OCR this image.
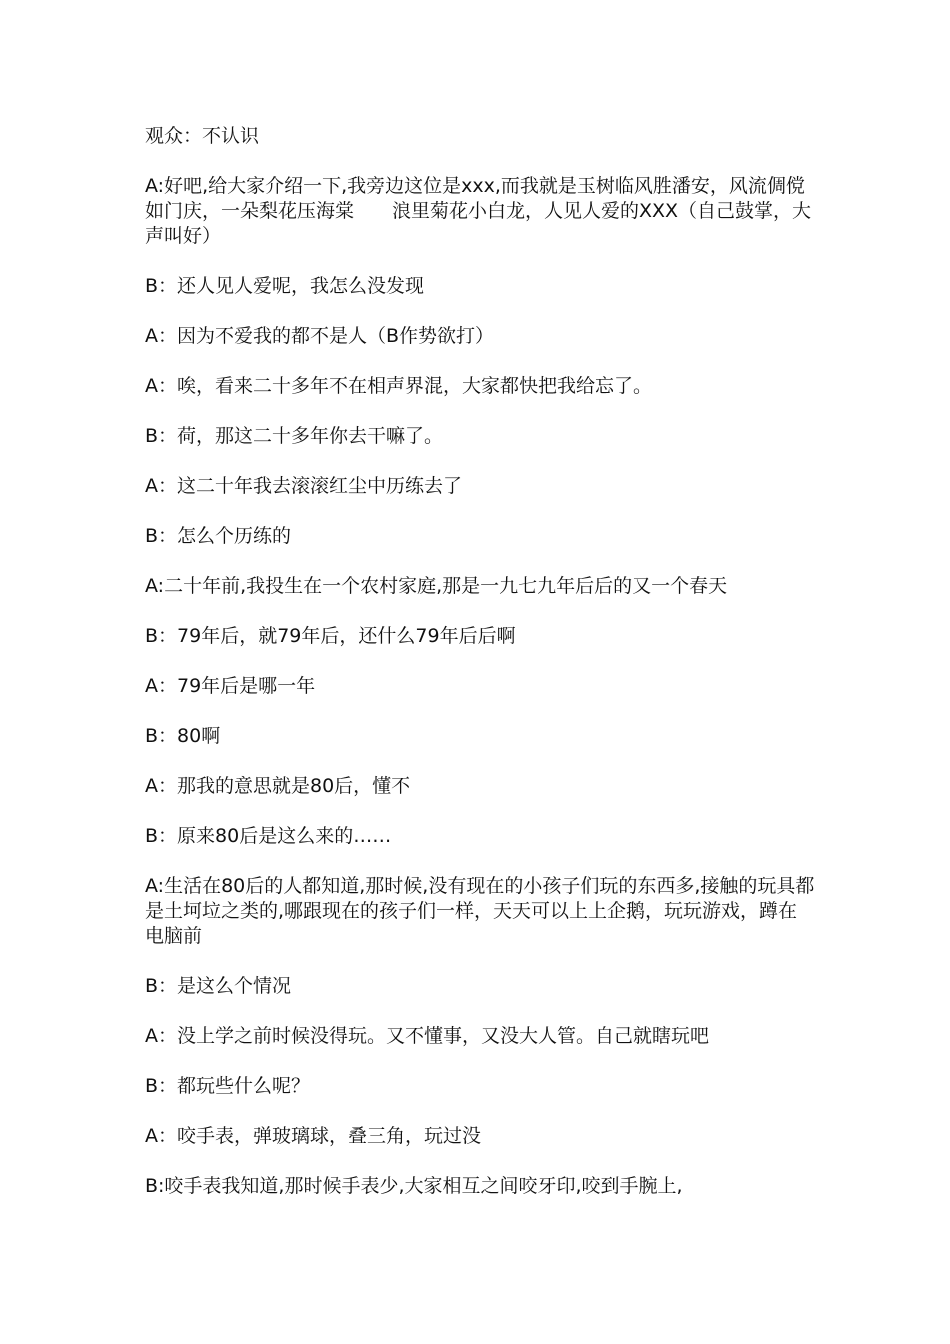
观众：不认识

A:好吧,给大家介绍一下,我旁边这位是xxx,而我就是玉树临风胜潘安，风流倜傥如门庆，一朵梨花压海棠　　浪里菊花小白龙，人见人爱的XXX（自己鼓掌，大声叫好）

B：还人见人爱呢，我怎么没发现

A：因为不爱我的都不是人（B作势欲打）

A：唉，看来二十多年不在相声界混，大家都快把我给忘了。

B：荷，那这二十多年你去干嘛了。

A：这二十年我去滚滚红尘中历练去了

B：怎么个历练的

A:二十年前,我投生在一个农村家庭,那是一九七九年后后的又一个春天

B：79年后，就79年后，还什么79年后后啊

A：79年后是哪一年

B：80啊

A：那我的意思就是80后，懂不

B：原来80后是这么来的……

A:生活在80后的人都知道,那时候,没有现在的小孩子们玩的东西多,接触的玩具都是土坷垃之类的,哪跟现在的孩子们一样，天天可以上上企鹅，玩玩游戏，蹲在电脑前

B：是这么个情况

A：没上学之前时候没得玩。又不懂事，又没大人管。自己就瞎玩吧

B：都玩些什么呢？

A：咬手表，弹玻璃球，叠三角，玩过没

B:咬手表我知道,那时候手表少,大家相互之间咬牙印,咬到手腕上,
